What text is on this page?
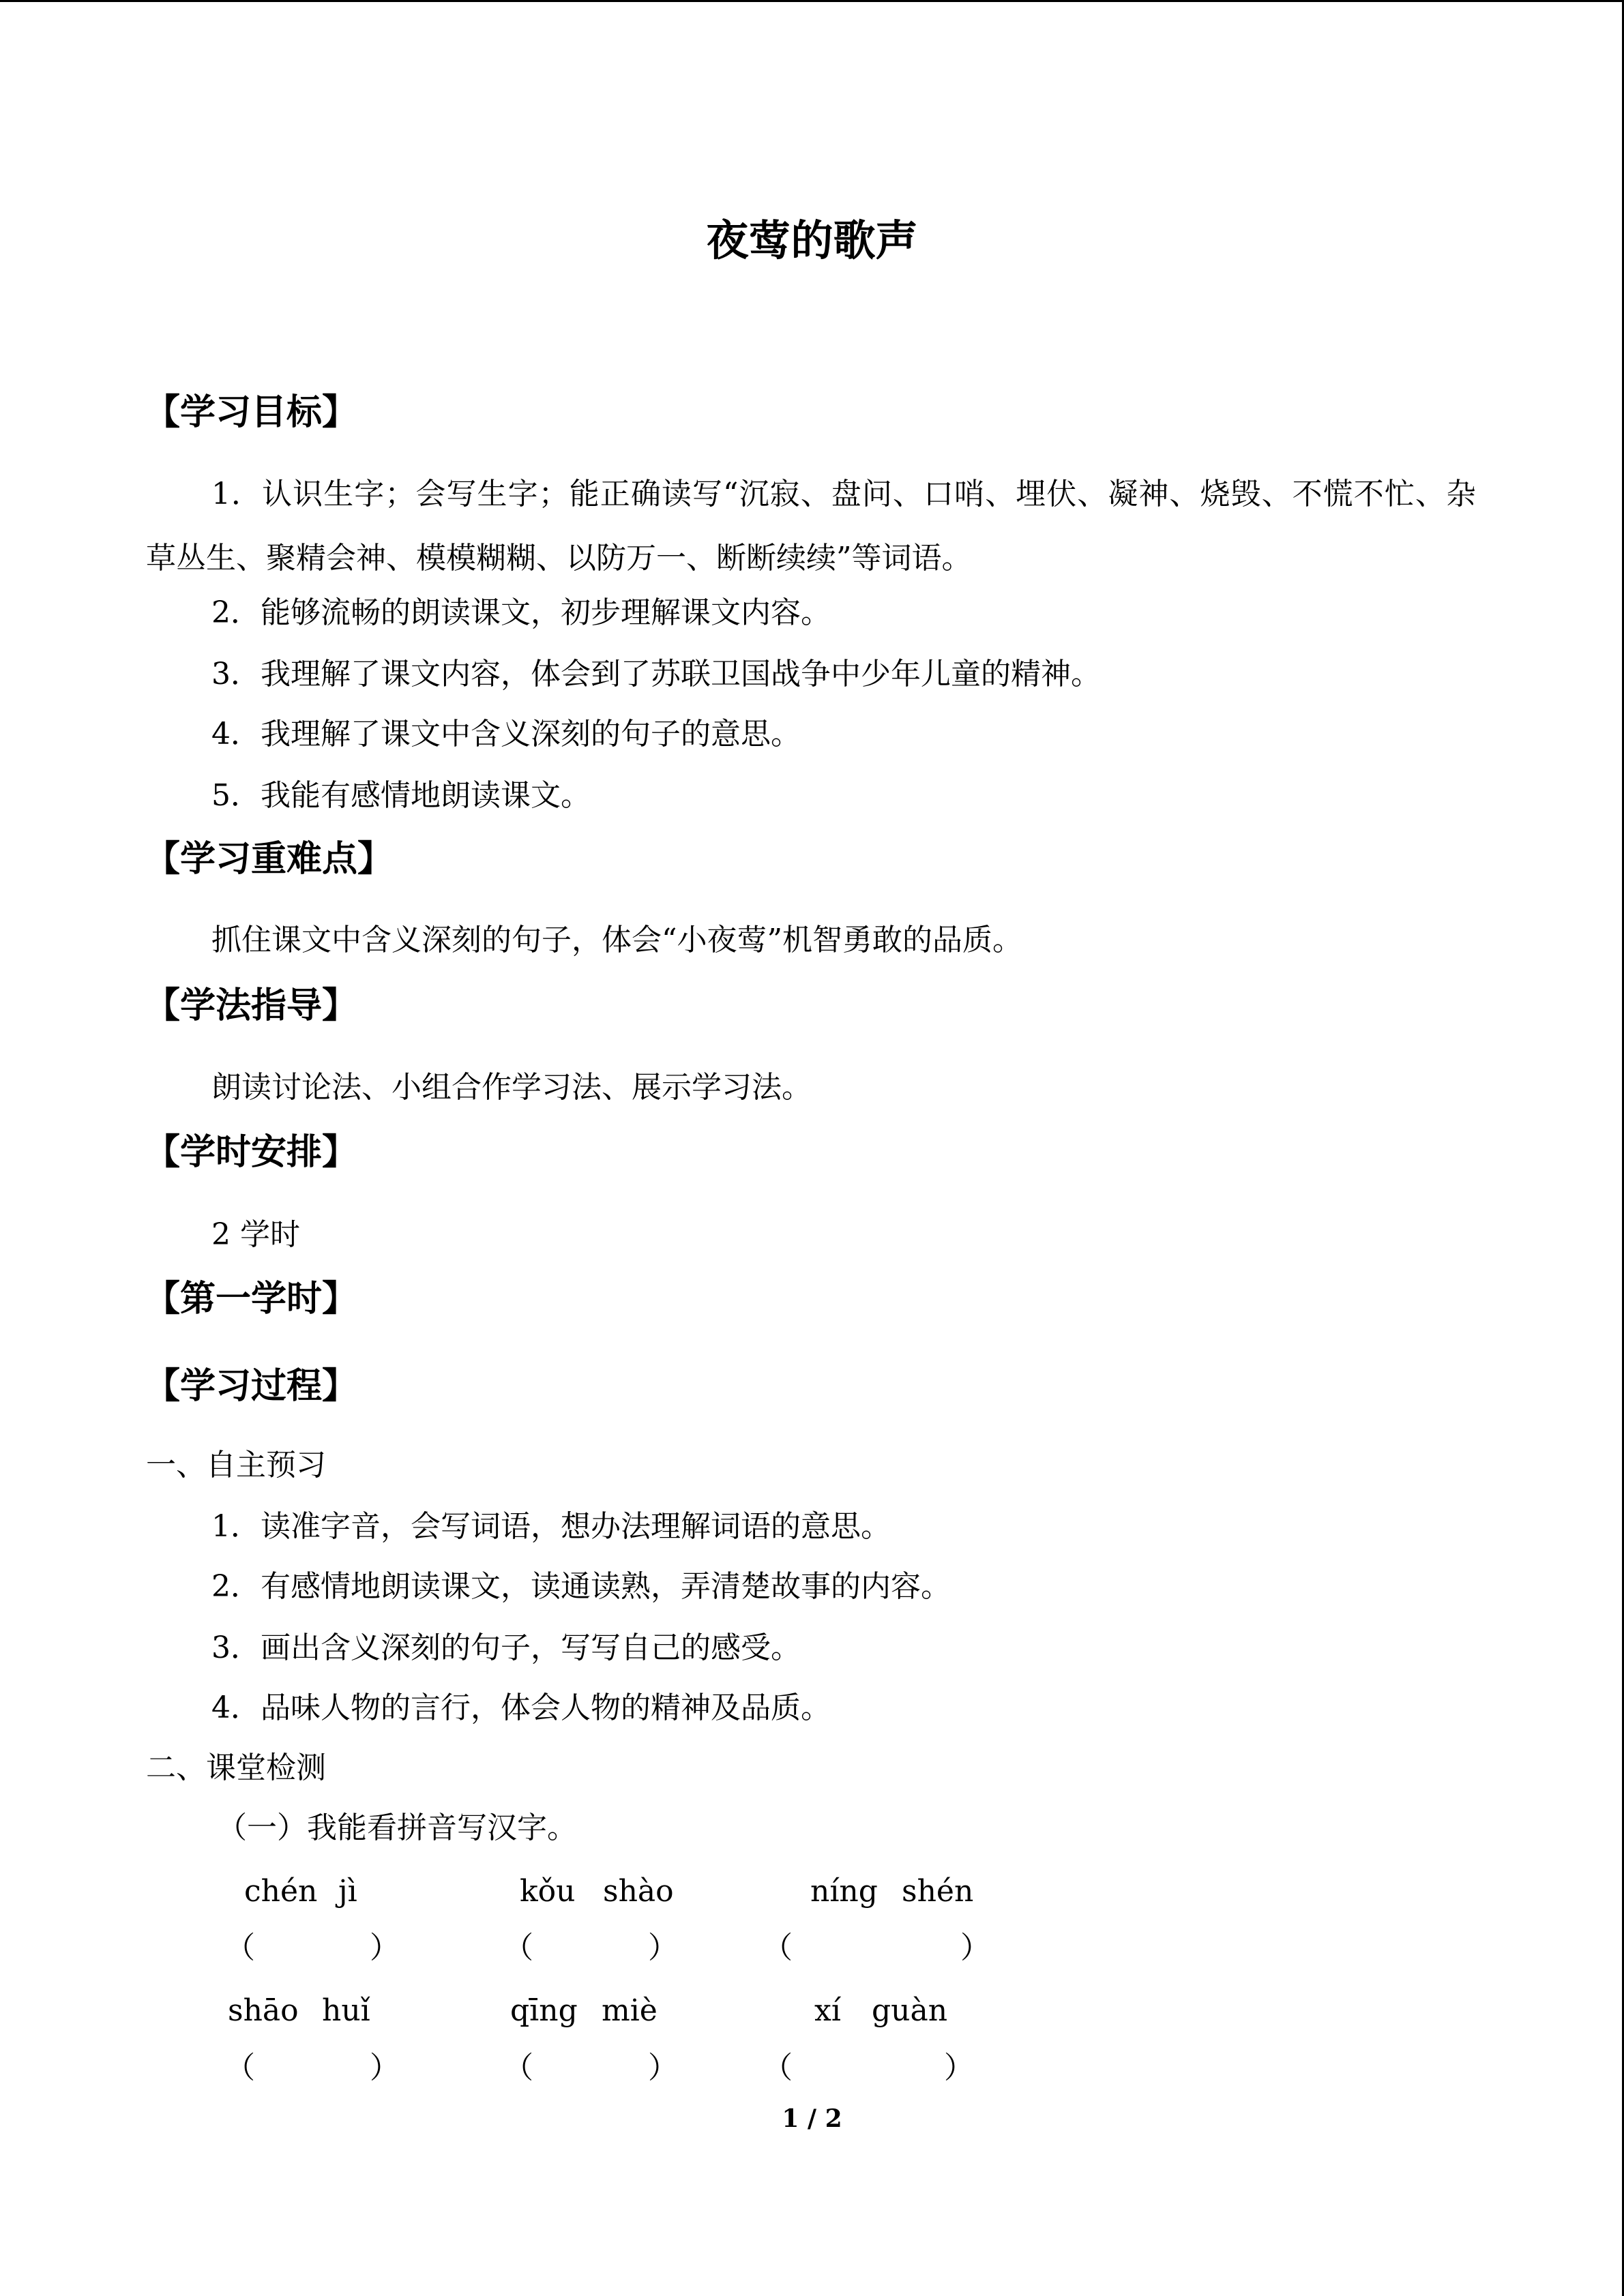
夜莺的歌声
【学习目标】
1．认识生字；会写生字；能正确读写“沉寂、盘问、口哨、埋伏、凝神、烧毁、不慌不忙、杂草丛生、聚精会神、模模糊糊、以防万一、断断续续”等词语。
2．能够流畅的朗读课文，初步理解课文内容。
3．我理解了课文内容，体会到了苏联卫国战争中少年儿童的精神。
4．我理解了课文中含义深刻的句子的意思。
5．我能有感情地朗读课文。
【学习重难点】
抓住课文中含义深刻的句子，体会“小夜莺”机智勇敢的品质。
【学法指导】
朗读讨论法、小组合作学习法、展示学习法。
【学时安排】
2 学时
【第一学时】
【学习过程】
一、自主预习
1．读准字音，会写词语，想办法理解词语的意思。
2．有感情地朗读课文，读通读熟，弄清楚故事的内容。
3．画出含义深刻的句子，写写自己的感受。
4．品味人物的言行，体会人物的精神及品质。
二、课堂检测
（一）我能看拼音写汉字。
chén jì	kǒu shào	níng shén
（	）	（	）	（	）
shāo huǐ	qīng miè	xí guàn
（	）	（	）	（	）
1 / 2
